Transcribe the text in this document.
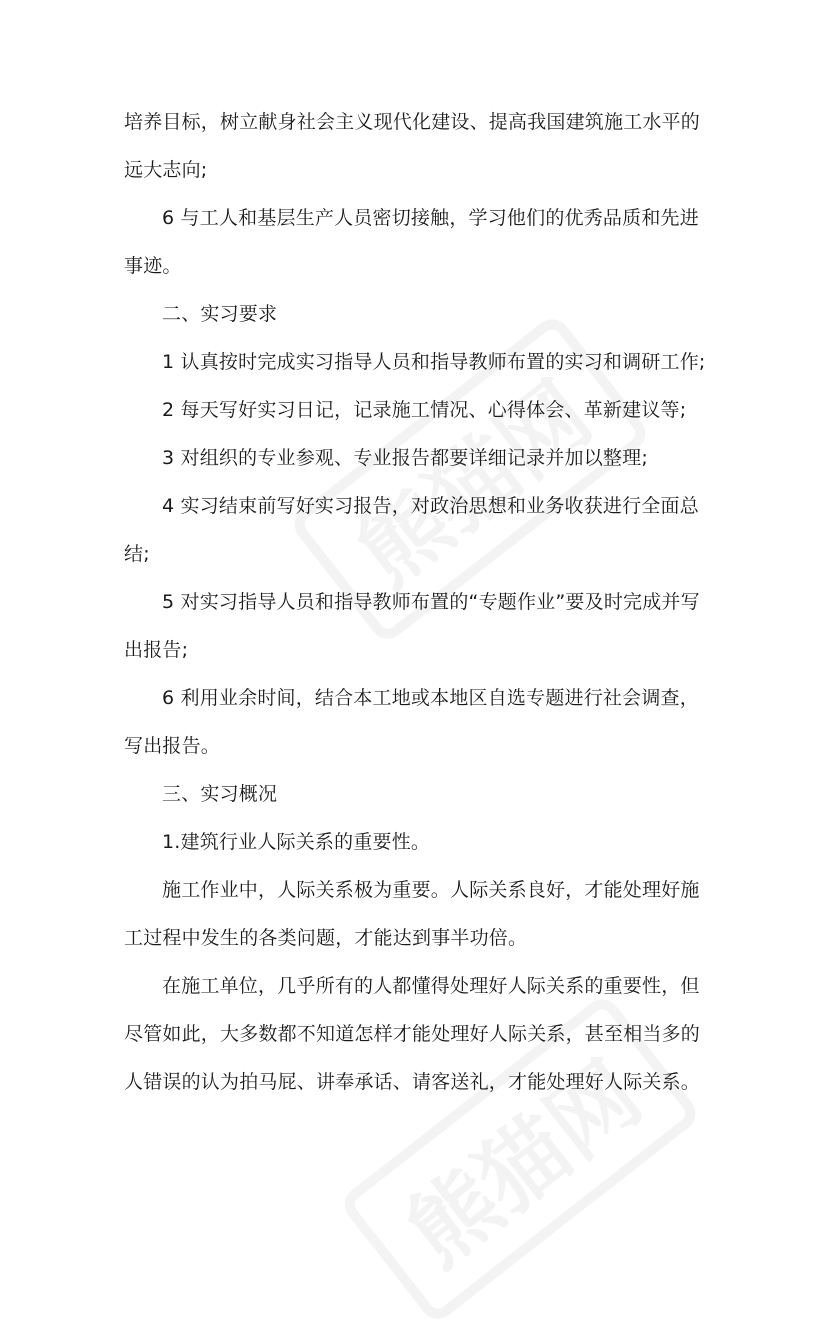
培养目标，树立献身社会主义现代化建设、提高我国建筑施工水平的远大志向;

6 与工人和基层生产人员密切接触，学习他们的优秀品质和先进事迹。

二、实习要求

1 认真按时完成实习指导人员和指导教师布置的实习和调研工作;

2 每天写好实习日记，记录施工情况、心得体会、革新建议等;

3 对组织的专业参观、专业报告都要详细记录并加以整理;

4 实习结束前写好实习报告，对政治思想和业务收获进行全面总结;

5 对实习指导人员和指导教师布置的“专题作业”要及时完成并写出报告;

6 利用业余时间，结合本工地或本地区自选专题进行社会调查，写出报告。

三、实习概况

1.建筑行业人际关系的重要性。

施工作业中，人际关系极为重要。人际关系良好，才能处理好施工过程中发生的各类问题，才能达到事半功倍。

在施工单位，几乎所有的人都懂得处理好人际关系的重要性，但尽管如此，大多数都不知道怎样才能处理好人际关系，甚至相当多的人错误的认为拍马屁、讲奉承话、请客送礼，才能处理好人际关系。
